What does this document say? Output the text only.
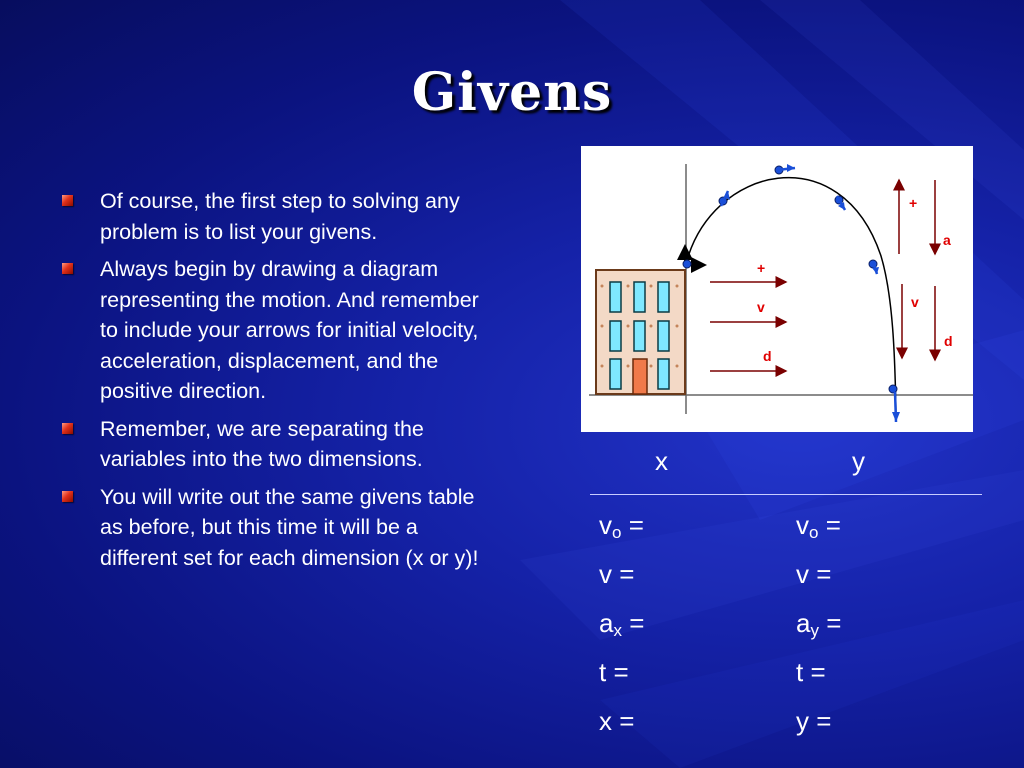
Givens
Of course, the first step to solving any problem is to list your givens.
Always begin by drawing a diagram representing the motion. And remember to include your arrows for initial velocity, acceleration, displacement, and the positive direction.
Remember, we are separating the variables into the two dimensions.
You will write out the same givens table as before, but this time it will be a different set for each dimension (x or y)!
+
v
d
+
a
v
d
x	y
$v_o$ =
v =
$a_x$ =
t =
x =
$v_o$ =
v =
$a_y$ =
t =
y =
